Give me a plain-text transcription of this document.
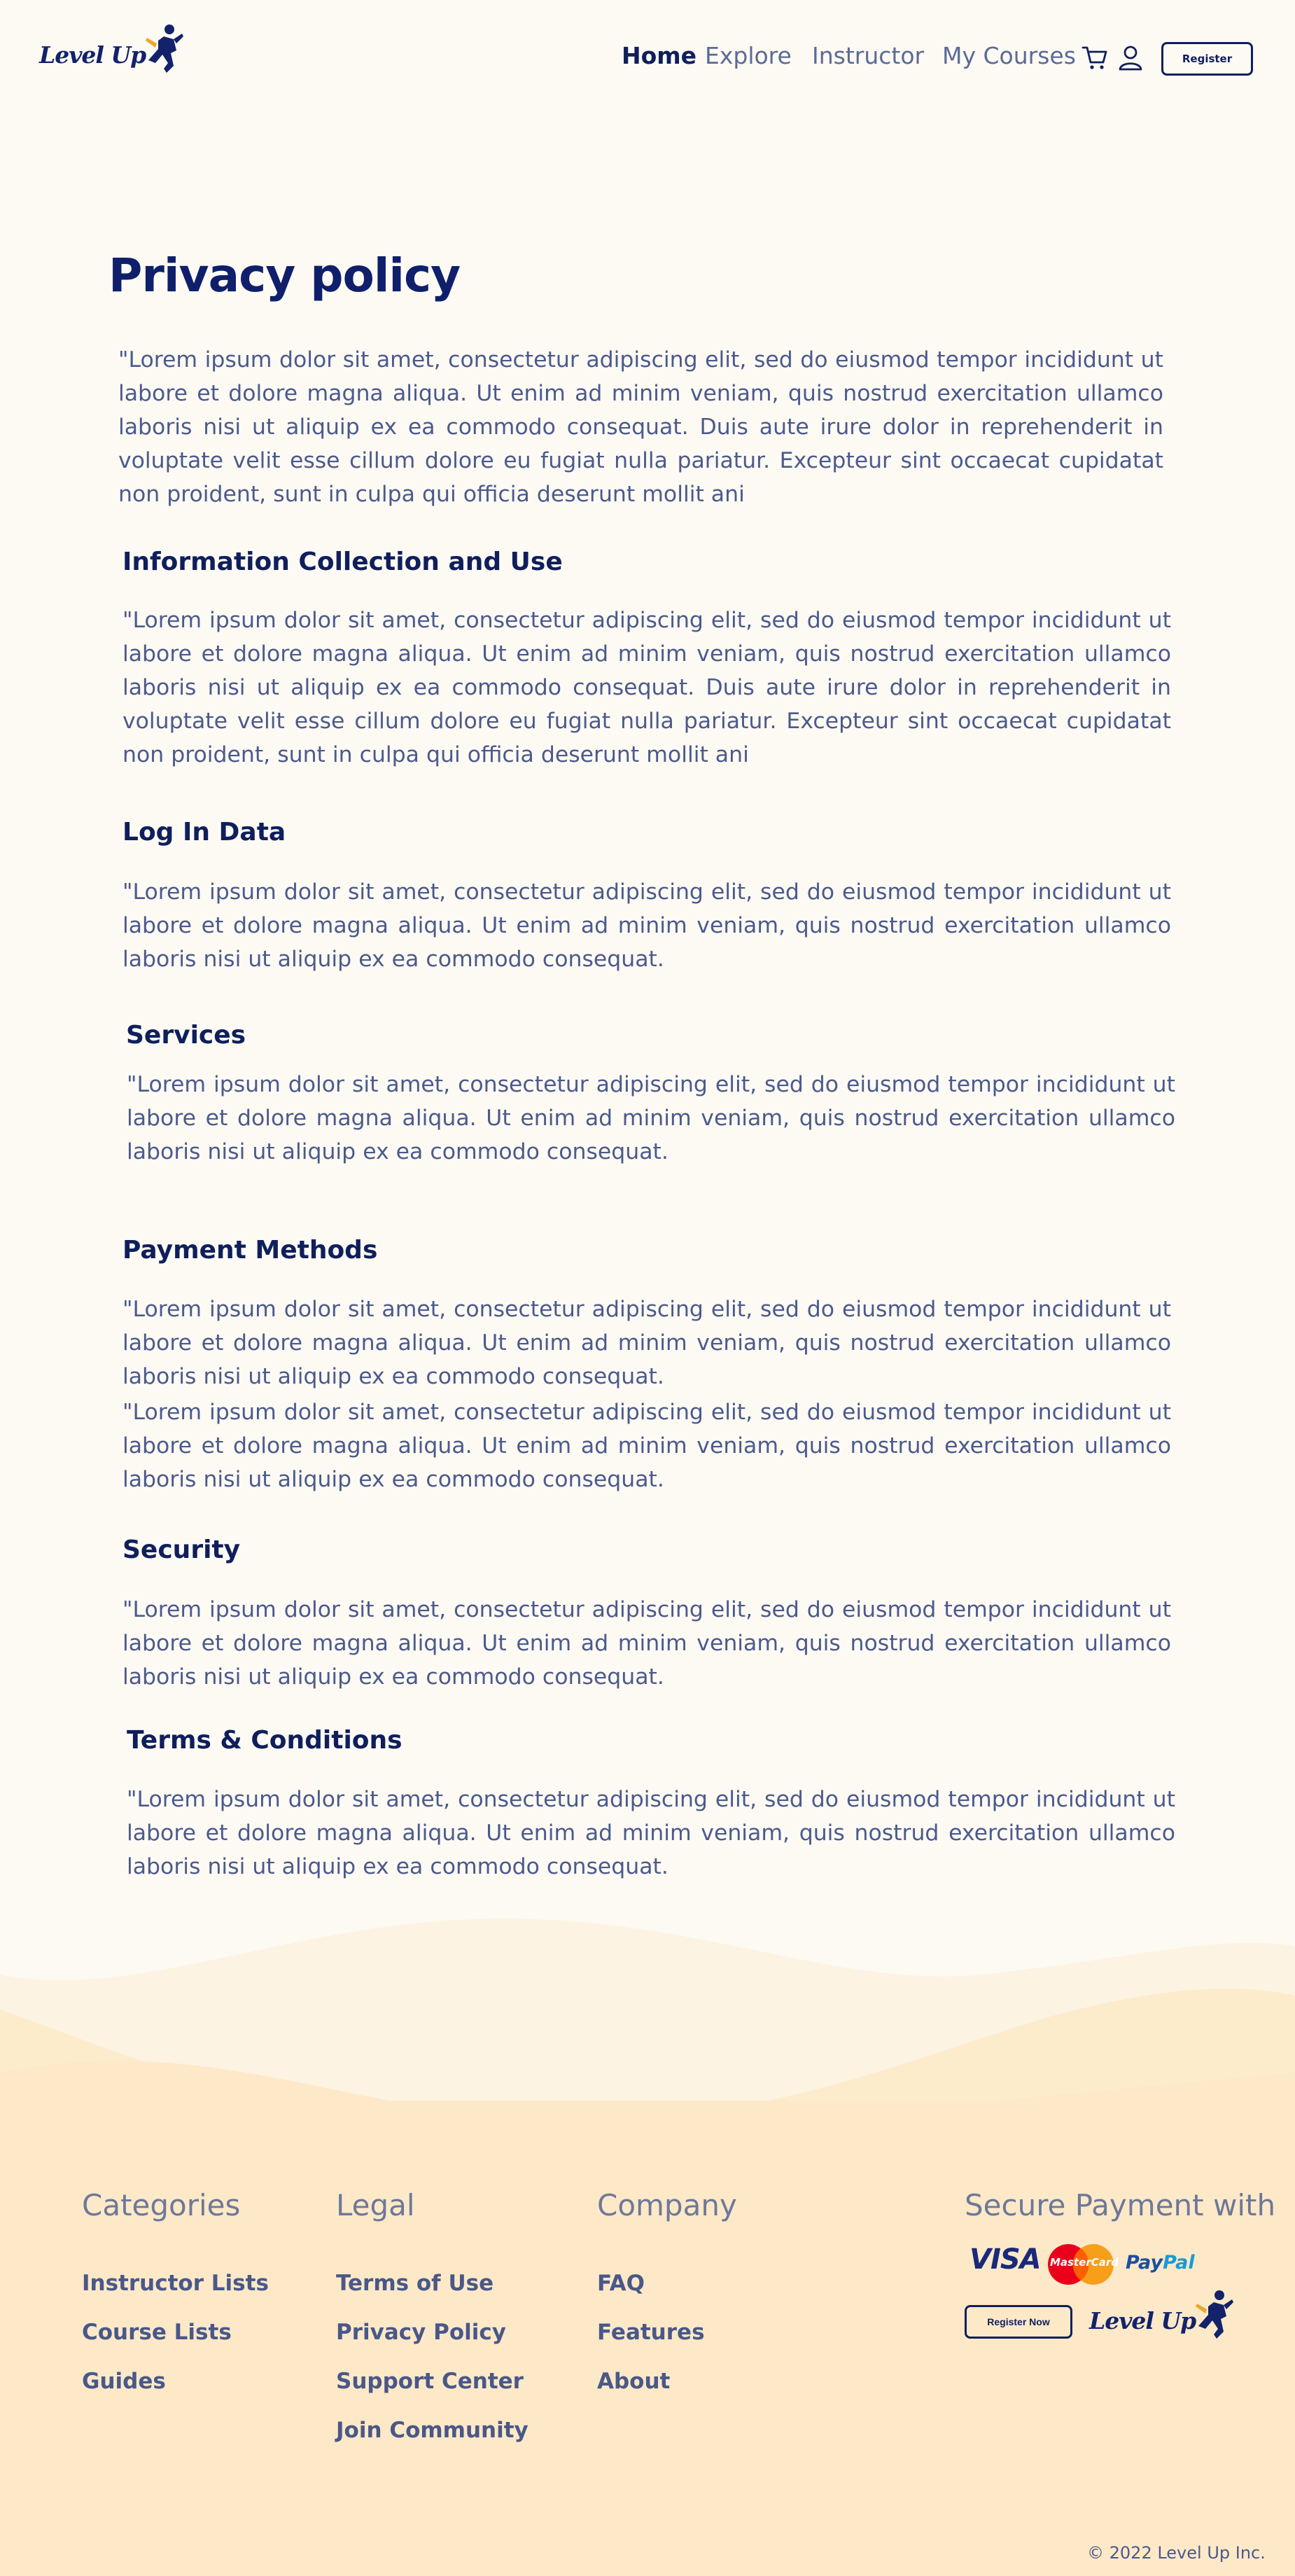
Level Up	Home Explore Instructor My Courses	Register
Privacy policy

"Lorem ipsum dolor sit amet, consectetur adipiscing elit, sed do eiusmod tempor incididunt ut labore et dolore magna aliqua. Ut enim ad minim veniam, quis nostrud exercitation ullamco laboris nisi ut aliquip ex ea commodo consequat. Duis aute irure dolor in reprehenderit in voluptate velit esse cillum dolore eu fugiat nulla pariatur. Excepteur sint occaecat cupidatat non proident, sunt in culpa qui officia deserunt mollit ani

Information Collection and Use

"Lorem ipsum dolor sit amet, consectetur adipiscing elit, sed do eiusmod tempor incididunt ut labore et dolore magna aliqua. Ut enim ad minim veniam, quis nostrud exercitation ullamco laboris nisi ut aliquip ex ea commodo consequat. Duis aute irure dolor in reprehenderit in voluptate velit esse cillum dolore eu fugiat nulla pariatur. Excepteur sint occaecat cupidatat non proident, sunt in culpa qui officia deserunt mollit ani

Log In Data

"Lorem ipsum dolor sit amet, consectetur adipiscing elit, sed do eiusmod tempor incididunt ut labore et dolore magna aliqua. Ut enim ad minim veniam, quis nostrud exercitation ullamco laboris nisi ut aliquip ex ea commodo consequat.

Services

"Lorem ipsum dolor sit amet, consectetur adipiscing elit, sed do eiusmod tempor incididunt ut labore et dolore magna aliqua. Ut enim ad minim veniam, quis nostrud exercitation ullamco laboris nisi ut aliquip ex ea commodo consequat.

Payment Methods

"Lorem ipsum dolor sit amet, consectetur adipiscing elit, sed do eiusmod tempor incididunt ut labore et dolore magna aliqua. Ut enim ad minim veniam, quis nostrud exercitation ullamco laboris nisi ut aliquip ex ea commodo consequat.

"Lorem ipsum dolor sit amet, consectetur adipiscing elit, sed do eiusmod tempor incididunt ut labore et dolore magna aliqua. Ut enim ad minim veniam, quis nostrud exercitation ullamco laboris nisi ut aliquip ex ea commodo consequat.

Security

"Lorem ipsum dolor sit amet, consectetur adipiscing elit, sed do eiusmod tempor incididunt ut labore et dolore magna aliqua. Ut enim ad minim veniam, quis nostrud exercitation ullamco laboris nisi ut aliquip ex ea commodo consequat.

Terms & Conditions

"Lorem ipsum dolor sit amet, consectetur adipiscing elit, sed do eiusmod tempor incididunt ut labore et dolore magna aliqua. Ut enim ad minim veniam, quis nostrud exercitation ullamco laboris nisi ut aliquip ex ea commodo consequat.

Categories
Instructor Lists
Course Lists
Guides
Legal
Terms of Use
Privacy Policy
Support Center
Join Community
Company
FAQ
Features
About
Secure Payment with
VISA MasterCard PayPal
Register Now	Level Up
© 2022 Level Up Inc.
